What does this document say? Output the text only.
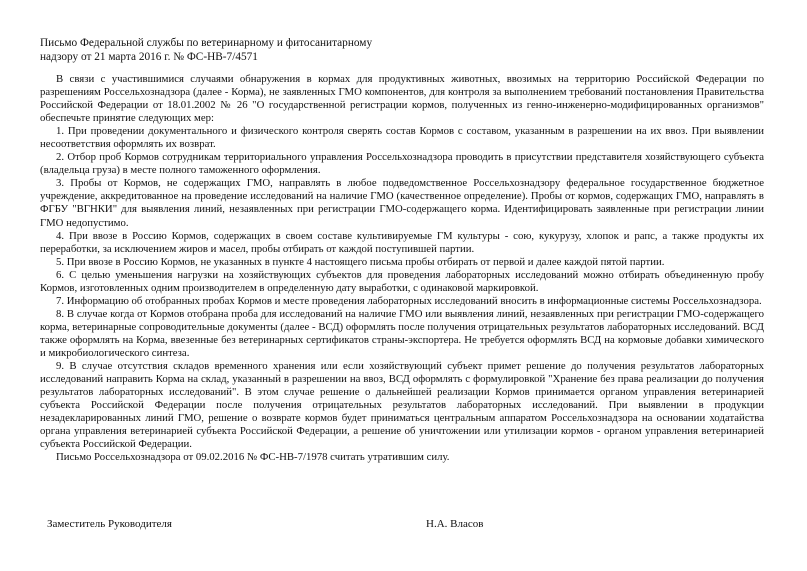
Письмо Федеральной службы по ветеринарному и фитосанитарному
надзору от 21 марта 2016 г. № ФС-НВ-7/4571

В связи с участившимися случаями обнаружения в кормах для продуктивных животных, ввозимых на территорию Российской Федерации по разрешениям Россельхознадзора (далее - Корма), не заявленных ГМО компонентов, для контроля за выполнением требований постановления Правительства Российской Федерации от 18.01.2002 № 26 "О государственной регистрации кормов, полученных из генно-инженерно-модифицированных организмов" обеспечьте принятие следующих мер:

1. При проведении документального и физического контроля сверять состав Кормов с составом, указанным в разрешении на их ввоз. При выявлении несоответствия оформлять их возврат.

2. Отбор проб Кормов сотрудникам территориального управления Россельхознадзора проводить в присутствии представителя хозяйствующего субъекта (владельца груза) в месте полного таможенного оформления.

3. Пробы от Кормов, не содержащих ГМО, направлять в любое подведомственное Россельхознадзору федеральное государственное бюджетное учреждение, аккредитованное на проведение исследований на наличие ГМО (качественное определение). Пробы от кормов, содержащих ГМО, направлять в ФГБУ "ВГНКИ" для выявления линий, незаявленных при регистрации ГМО-содержащего корма. Идентифицировать заявленные при регистрации линии ГМО недопустимо.

4. При ввозе в Россию Кормов, содержащих в своем составе культивируемые ГМ культуры - сою, кукурузу, хлопок и рапс, а также продукты их переработки, за исключением жиров и масел, пробы отбирать от каждой поступившей партии.

5. При ввозе в Россию Кормов, не указанных в пункте 4 настоящего письма пробы отбирать от первой и далее каждой пятой партии.

6. С целью уменьшения нагрузки на хозяйствующих субъектов для проведения лабораторных исследований можно отбирать объединенную пробу Кормов, изготовленных одним производителем в определенную дату выработки, с одинаковой маркировкой.

7. Информацию об отобранных пробах Кормов и месте проведения лабораторных исследований вносить в информационные системы Россельхознадзора.

8. В случае когда от Кормов отобрана проба для исследований на наличие ГМО или выявления линий, незаявленных при регистрации ГМО-содержащего корма, ветеринарные сопроводительные документы (далее - ВСД) оформлять после получения отрицательных результатов лабораторных исследований. ВСД также оформлять на Корма, ввезенные без ветеринарных сертификатов страны-экспортера. Не требуется оформлять ВСД на кормовые добавки химического и микробиологического синтеза.

9. В случае отсутствия складов временного хранения или если хозяйствующий субъект примет решение до получения результатов лабораторных исследований направить Корма на склад, указанный в разрешении на ввоз, ВСД оформлять с формулировкой "Хранение без права реализации до получения результатов лабораторных исследований". В этом случае решение о дальнейшей реализации Кормов принимается органом управления ветеринарией субъекта Российской Федерации после получения отрицательных результатов лабораторных исследований. При выявлении в продукции незадекларированных линий ГМО, решение о возврате кормов будет приниматься центральным аппаратом Россельхознадзора на основании ходатайства органа управления ветеринарией субъекта Российской Федерации, а решение об уничтожении или утилизации кормов - органом управления ветеринарией субъекта Российской Федерации.

Письмо Россельхознадзора от 09.02.2016 № ФС-НВ-7/1978 считать утратившим силу.

Заместитель Руководителя	Н.А. Власов
